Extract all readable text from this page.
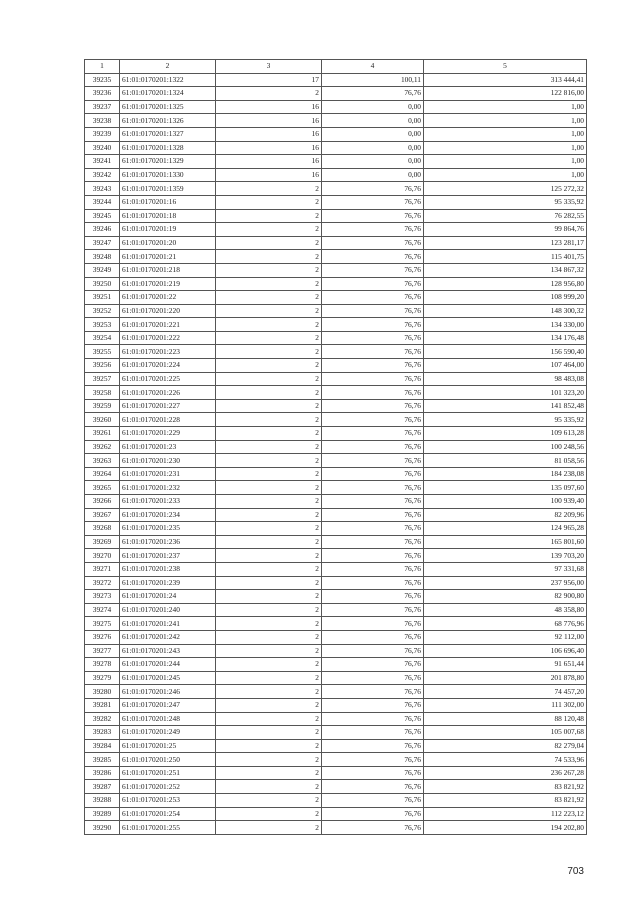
1	2	3	4	5
39235	61:01:0170201:1322	17	100,11	313 444,41
39236	61:01:0170201:1324	2	76,76	122 816,00
39237	61:01:0170201:1325	16	0,00	1,00
39238	61:01:0170201:1326	16	0,00	1,00
39239	61:01:0170201:1327	16	0,00	1,00
39240	61:01:0170201:1328	16	0,00	1,00
39241	61:01:0170201:1329	16	0,00	1,00
39242	61:01:0170201:1330	16	0,00	1,00
39243	61:01:0170201:1359	2	76,76	125 272,32
39244	61:01:0170201:16	2	76,76	95 335,92
39245	61:01:0170201:18	2	76,76	76 282,55
39246	61:01:0170201:19	2	76,76	99 864,76
39247	61:01:0170201:20	2	76,76	123 281,17
39248	61:01:0170201:21	2	76,76	115 401,75
39249	61:01:0170201:218	2	76,76	134 867,32
39250	61:01:0170201:219	2	76,76	128 956,80
39251	61:01:0170201:22	2	76,76	108 999,20
39252	61:01:0170201:220	2	76,76	148 300,32
39253	61:01:0170201:221	2	76,76	134 330,00
39254	61:01:0170201:222	2	76,76	134 176,48
39255	61:01:0170201:223	2	76,76	156 590,40
39256	61:01:0170201:224	2	76,76	107 464,00
39257	61:01:0170201:225	2	76,76	98 483,08
39258	61:01:0170201:226	2	76,76	101 323,20
39259	61:01:0170201:227	2	76,76	141 852,48
39260	61:01:0170201:228	2	76,76	95 335,92
39261	61:01:0170201:229	2	76,76	109 613,28
39262	61:01:0170201:23	2	76,76	100 248,56
39263	61:01:0170201:230	2	76,76	81 058,56
39264	61:01:0170201:231	2	76,76	184 238,08
39265	61:01:0170201:232	2	76,76	135 097,60
39266	61:01:0170201:233	2	76,76	100 939,40
39267	61:01:0170201:234	2	76,76	82 209,96
39268	61:01:0170201:235	2	76,76	124 965,28
39269	61:01:0170201:236	2	76,76	165 801,60
39270	61:01:0170201:237	2	76,76	139 703,20
39271	61:01:0170201:238	2	76,76	97 331,68
39272	61:01:0170201:239	2	76,76	237 956,00
39273	61:01:0170201:24	2	76,76	82 900,80
39274	61:01:0170201:240	2	76,76	48 358,80
39275	61:01:0170201:241	2	76,76	68 776,96
39276	61:01:0170201:242	2	76,76	92 112,00
39277	61:01:0170201:243	2	76,76	106 696,40
39278	61:01:0170201:244	2	76,76	91 651,44
39279	61:01:0170201:245	2	76,76	201 878,80
39280	61:01:0170201:246	2	76,76	74 457,20
39281	61:01:0170201:247	2	76,76	111 302,00
39282	61:01:0170201:248	2	76,76	88 120,48
39283	61:01:0170201:249	2	76,76	105 007,68
39284	61:01:0170201:25	2	76,76	82 279,04
39285	61:01:0170201:250	2	76,76	74 533,96
39286	61:01:0170201:251	2	76,76	236 267,28
39287	61:01:0170201:252	2	76,76	83 821,92
39288	61:01:0170201:253	2	76,76	83 821,92
39289	61:01:0170201:254	2	76,76	112 223,12
39290	61:01:0170201:255	2	76,76	194 202,80
703
